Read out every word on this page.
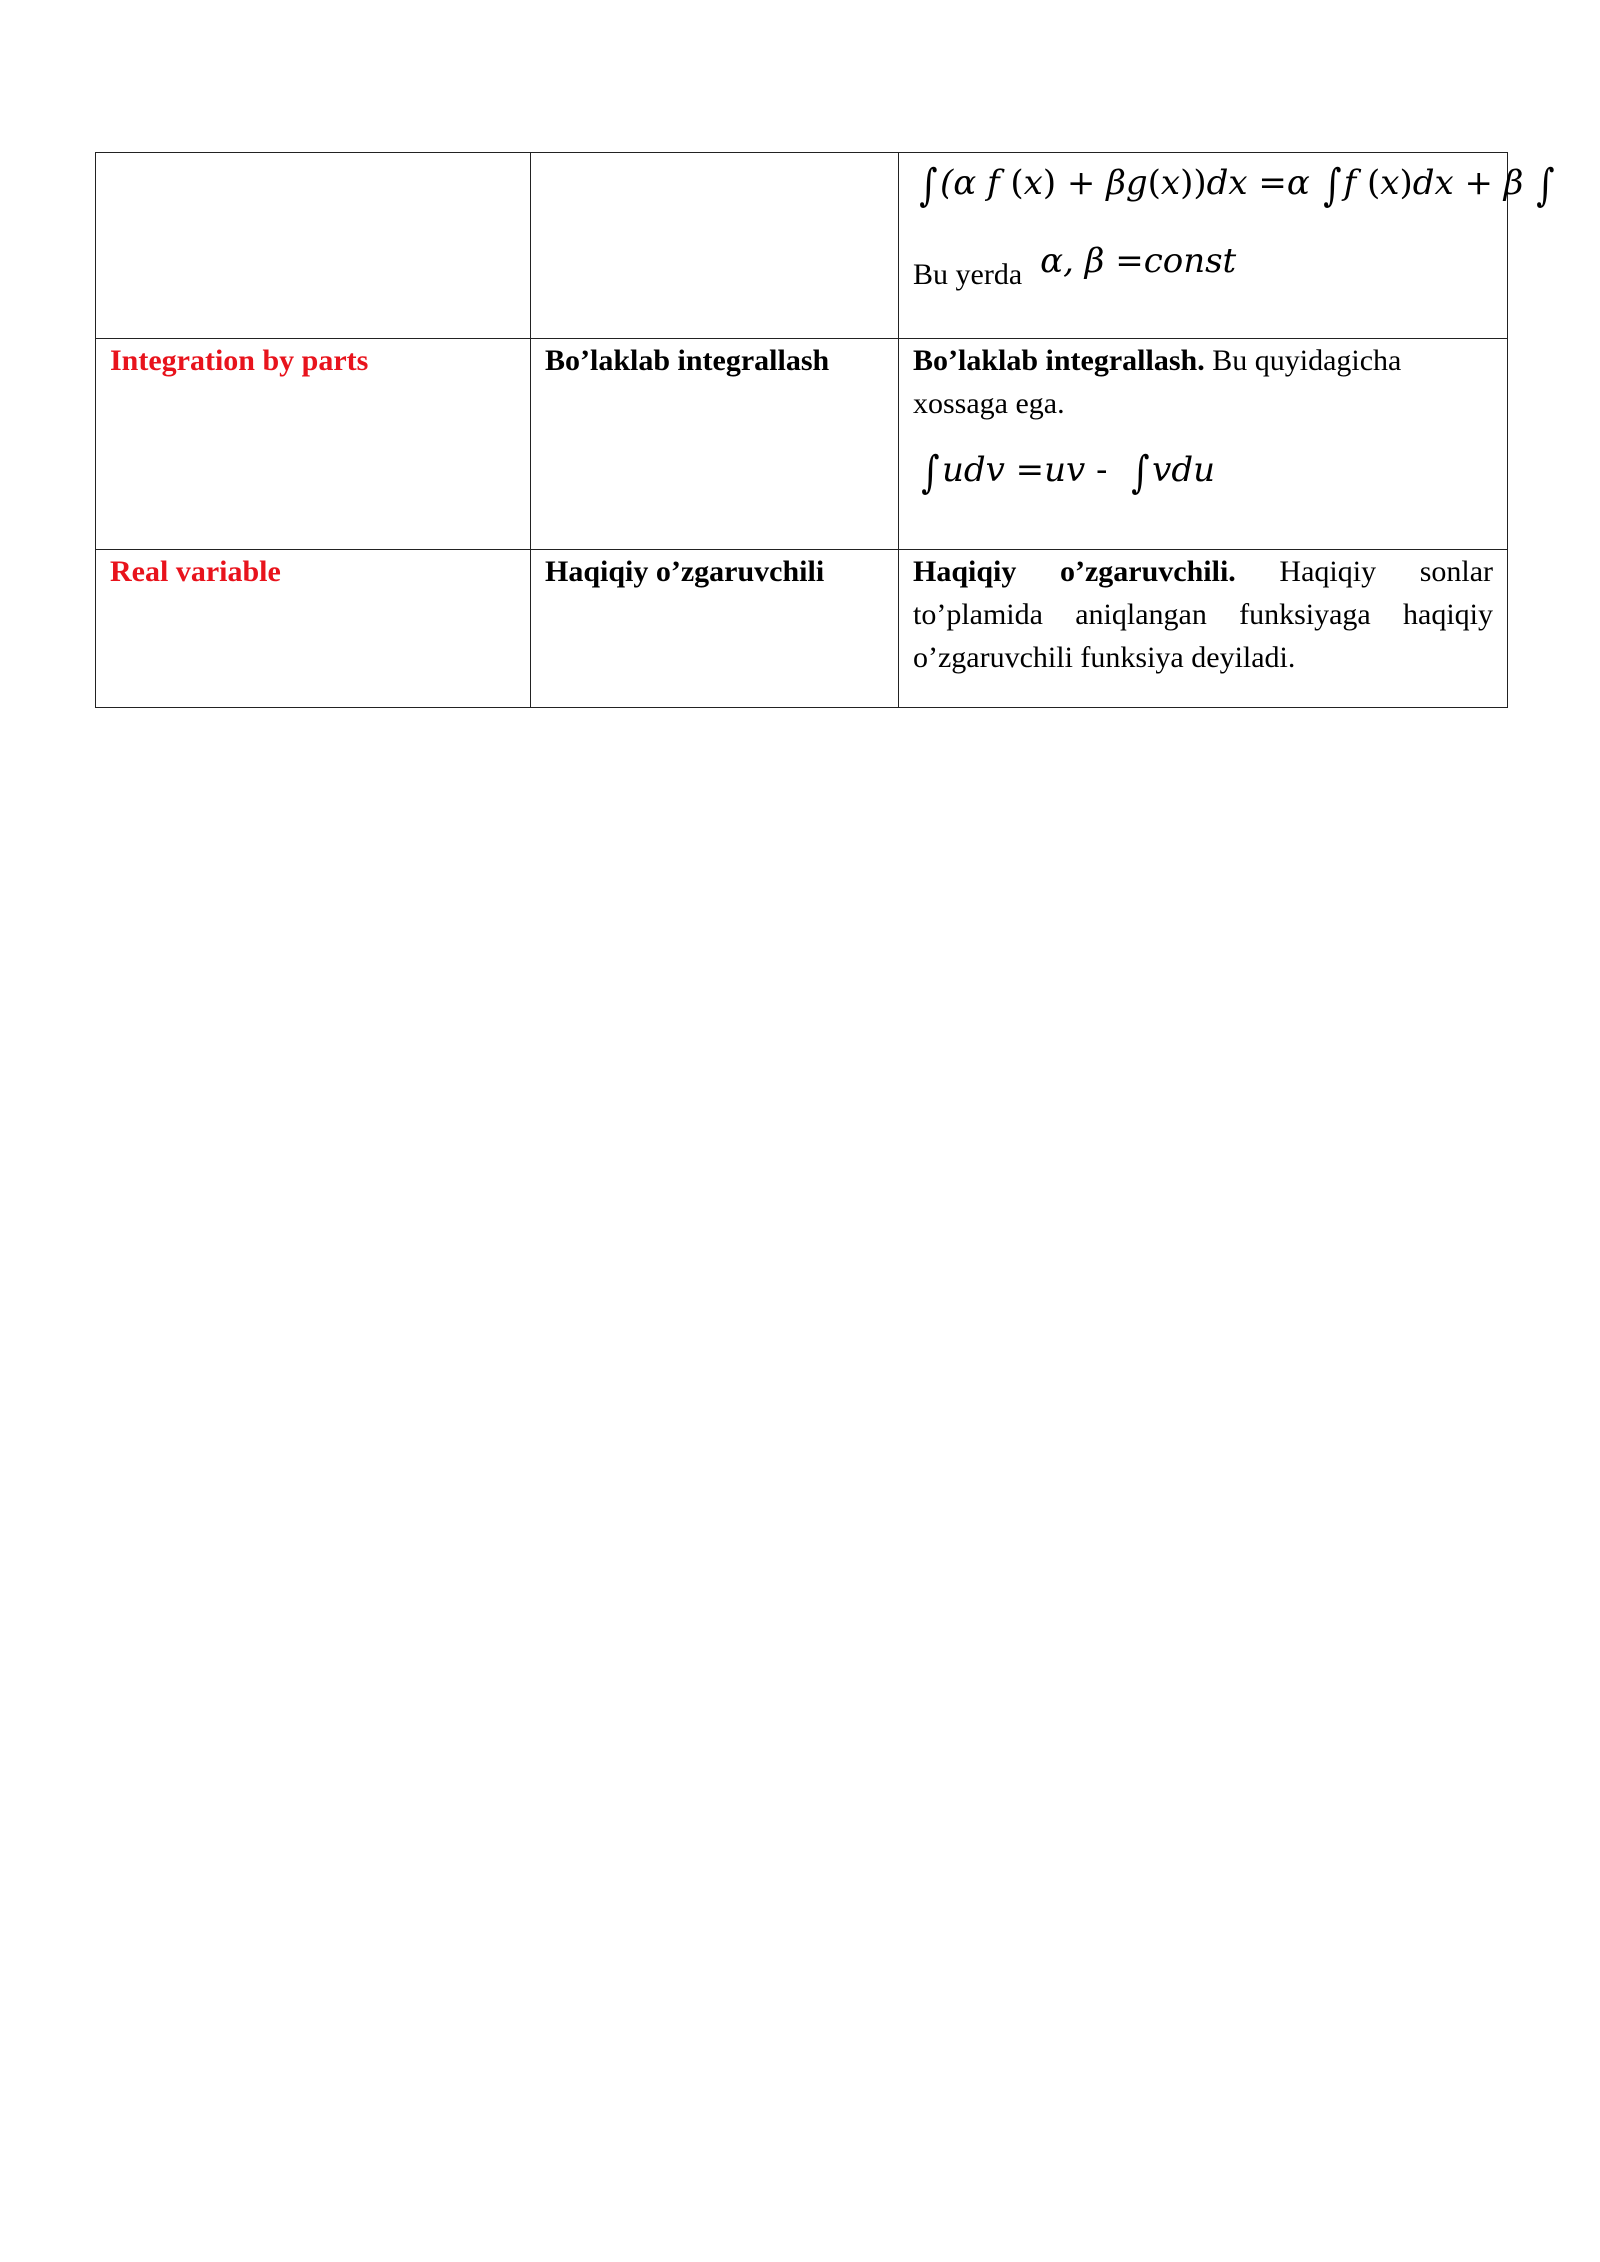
		∫(α f (x) + βg(x))dx =α ∫f (x)dx + β ∫
Bu yerda α, β =const

Integration by parts	Bo’laklab integrallash	Bo’laklab integrallash. Bu quyidagicha
xossaga ega.
∫udv =uv - ∫vdu

Real variable	Haqiqiy o’zgaruvchili	Haqiqiy o’zgaruvchili. Haqiqiy sonlar
to’plamida aniqlangan funksiyaga haqiqiy
o’zgaruvchili funksiya deyiladi.
